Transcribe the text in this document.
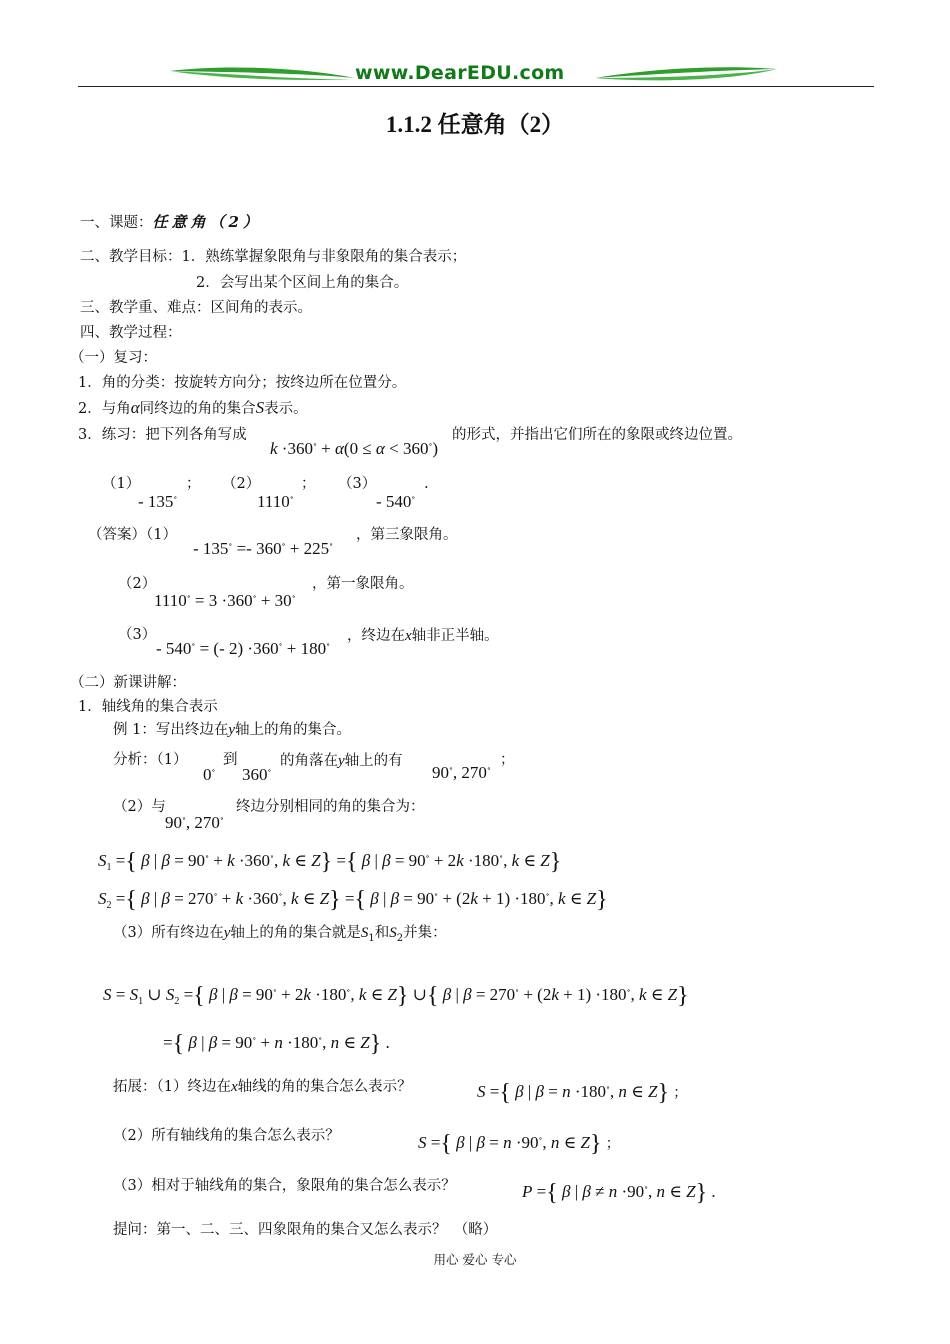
www.DearEDU.com
1.1.2 任意角（2）
一、课题：任意角（2）
二、教学目标：1．熟练掌握象限角与非象限角的集合表示；
2．会写出某个区间上角的集合。
三、教学重、难点：区间角的表示。
四、教学过程：
（一）复习：
1．角的分类：按旋转方向分；按终边所在位置分。
2．与角α同终边的角的集合S表示。
3．练习：把下列各角写成
k ·360∘ + α(0 ≤ α < 360∘)
的形式，并指出它们所在的象限或终边位置。
（1）
- 135∘
； （2）
1110∘
； （3）
- 540∘
.
（答案）（1）
- 135∘ =- 360∘ + 225∘
，第三象限角。
（2）
1110∘ = 3 ·360∘ + 30∘
，第一象限角。
（3）
- 540∘ = (- 2) ·360∘ + 180∘
，终边在x轴非正半轴。
（二）新课讲解：
1．轴线角的集合表示
例 1：写出终边在y轴上的角的集合。
分析：（1）
0∘
到
360∘
的角落在y轴上的有
90∘, 270∘
；
（2）与
90∘, 270∘
终边分别相同的角的集合为：
$S_1$ ={ β | β = 90∘ + k ·360∘, k ∈ Z} ={ β | β = 90∘ + 2k ·180∘, k ∈ Z}
$S_2$ ={ β | β = 270∘ + k ·360∘, k ∈ Z} ={ β | β = 90∘ + (2k + 1) ·180∘, k ∈ Z}
（3）所有终边在y轴上的角的集合就是$S_1$和$S_2$并集：
$S = S_1$ ∪ $S_2$ ={ β | β = 90∘ + 2k ·180∘, k ∈ Z} ∪{ β | β = 270∘ + (2k + 1) ·180∘, k ∈ Z}
={ β | β = 90∘ + n ·180∘, n ∈ Z} .
拓展：（1）终边在x轴线的角的集合怎么表示？	S ={ β | β = n ·180∘, n ∈ Z} ；
（2）所有轴线角的集合怎么表示？	S ={ β | β = n ·90∘, n ∈ Z} ；
（3）相对于轴线角的集合，象限角的集合怎么表示？	P ={ β | β ≠ n ·90∘, n ∈ Z} .
提问：第一、二、三、四象限角的集合又怎么表示？　（略）
用心 爱心 专心
